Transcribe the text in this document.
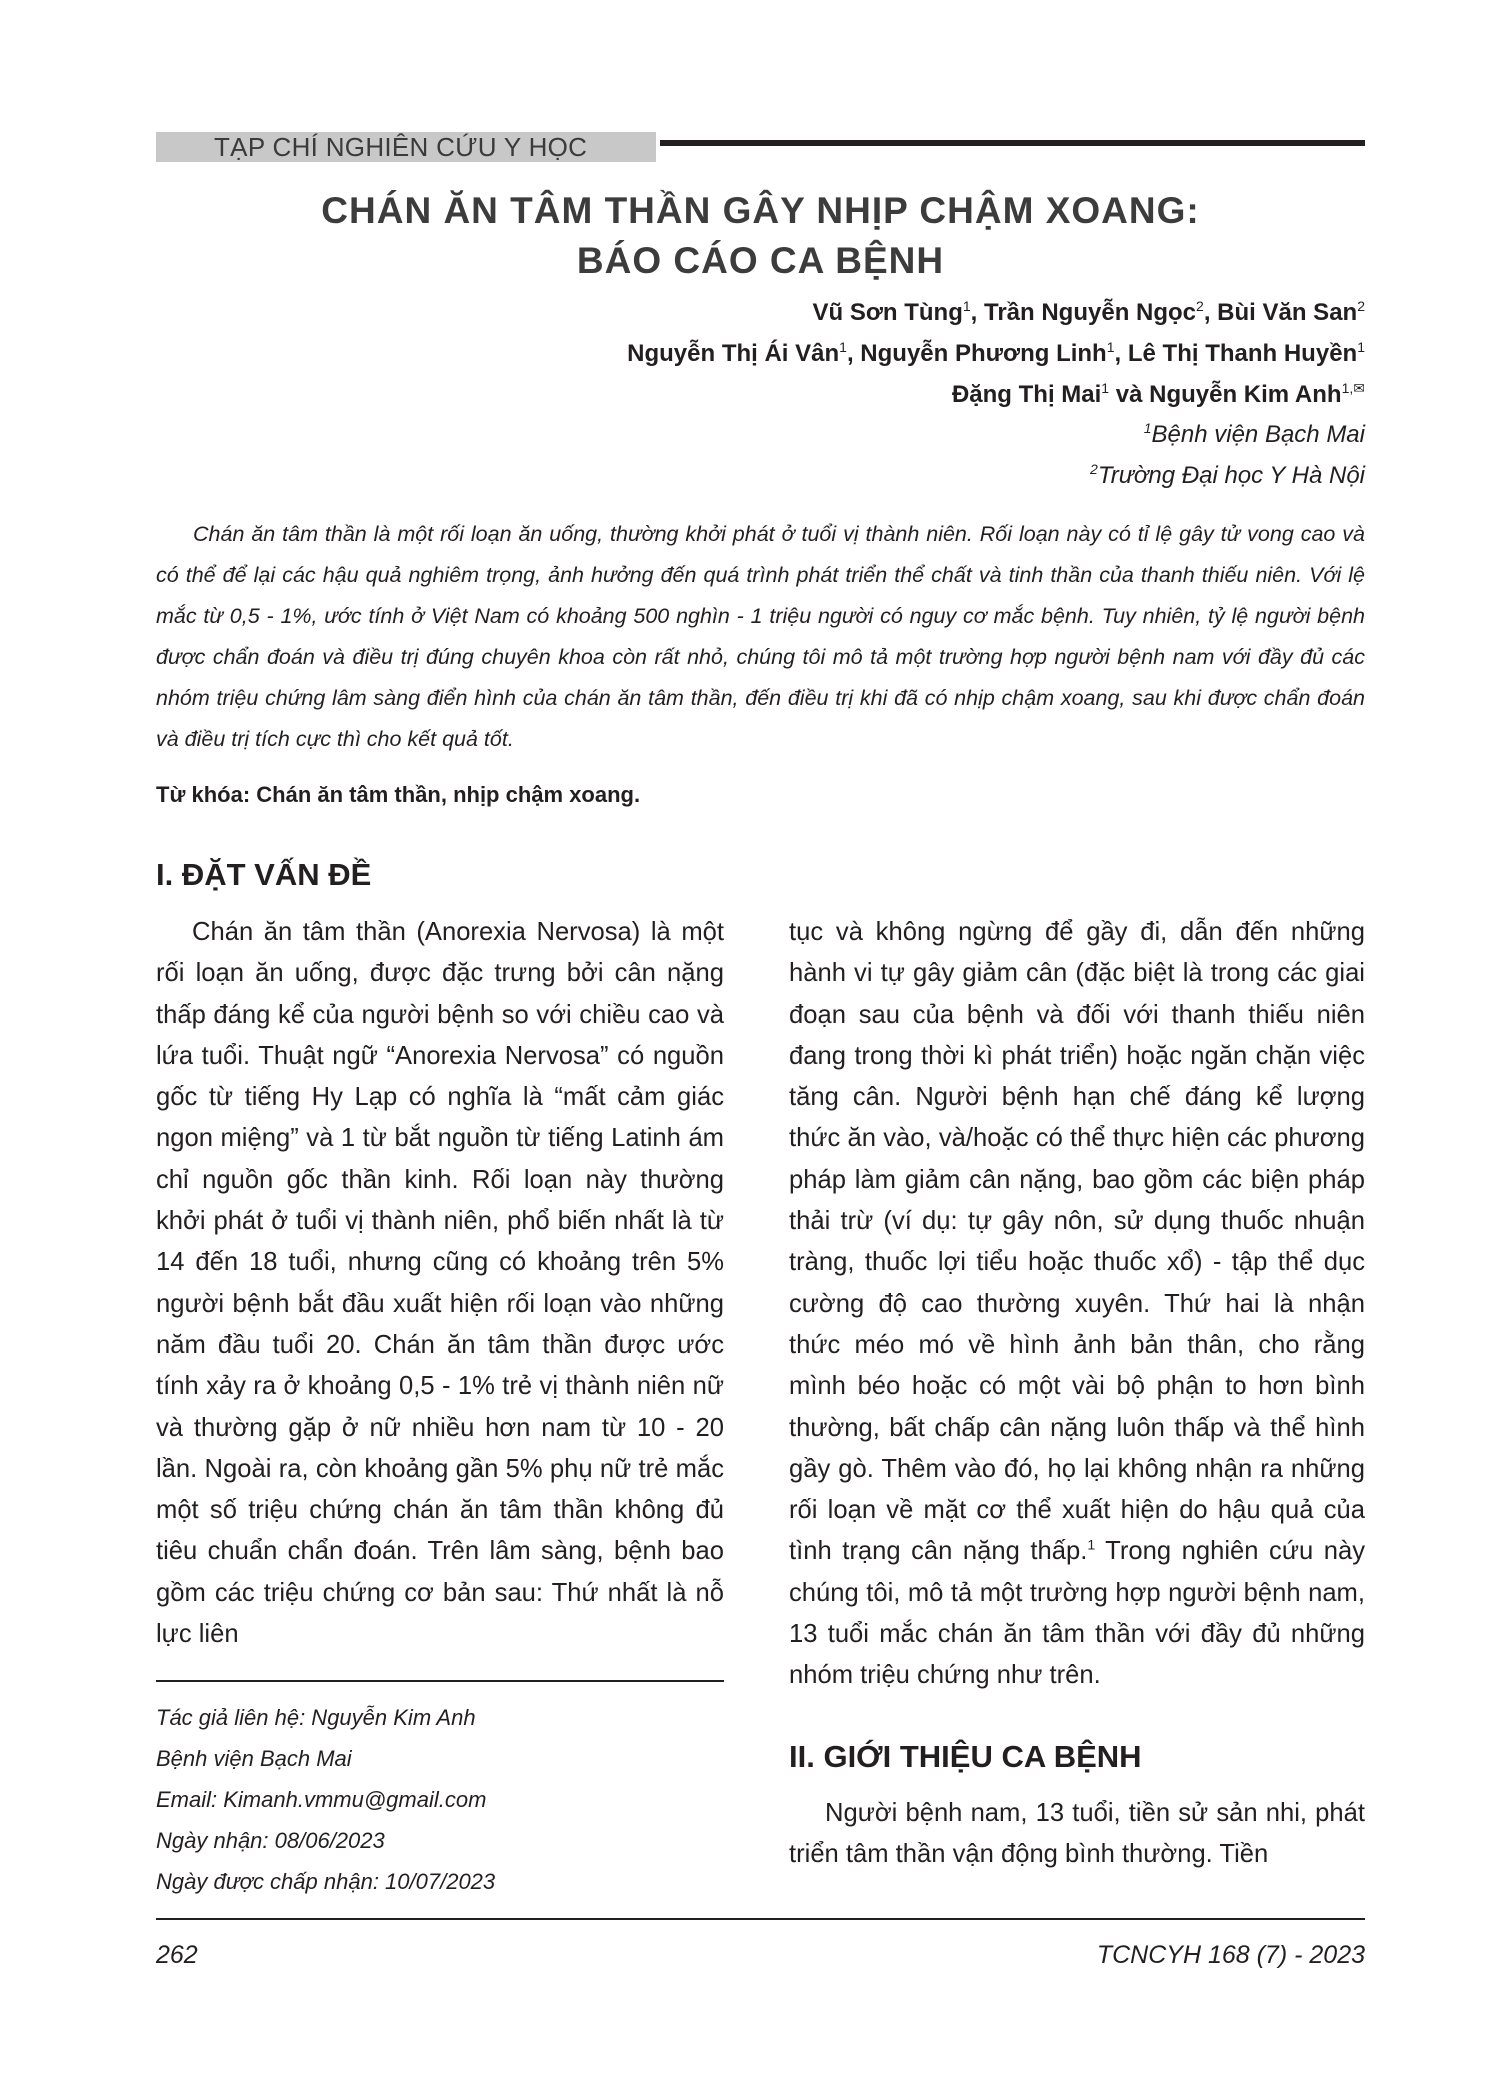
TẠP CHÍ NGHIÊN CỨU Y HỌC
CHÁN ĂN TÂM THẦN GÂY NHỊP CHẬM XOANG:
BÁO CÁO CA BỆNH
Vũ Sơn Tùng$^1$, Trần Nguyễn Ngọc$^2$, Bùi Văn San$^2$
Nguyễn Thị Ái Vân$^1$, Nguyễn Phương Linh$^1$, Lê Thị Thanh Huyền$^1$
Đặng Thị Mai$^1$ và Nguyễn Kim Anh$^{1,✉}$
$^1$Bệnh viện Bạch Mai
$^2$Trường Đại học Y Hà Nội

Chán ăn tâm thần là một rối loạn ăn uống, thường khởi phát ở tuổi vị thành niên. Rối loạn này có tỉ lệ gây tử vong cao và có thể để lại các hậu quả nghiêm trọng, ảnh hưởng đến quá trình phát triển thể chất và tinh thần của thanh thiếu niên. Với lệ mắc từ 0,5 - 1%, ước tính ở Việt Nam có khoảng 500 nghìn - 1 triệu người có nguy cơ mắc bệnh. Tuy nhiên, tỷ lệ người bệnh được chẩn đoán và điều trị đúng chuyên khoa còn rất nhỏ, chúng tôi mô tả một trường hợp người bệnh nam với đầy đủ các nhóm triệu chứng lâm sàng điển hình của chán ăn tâm thần, đến điều trị khi đã có nhịp chậm xoang, sau khi được chẩn đoán và điều trị tích cực thì cho kết quả tốt.

Từ khóa: Chán ăn tâm thần, nhịp chậm xoang.
I. ĐẶT VẤN ĐỀ

Chán ăn tâm thần (Anorexia Nervosa) là một rối loạn ăn uống, được đặc trưng bởi cân nặng thấp đáng kể của người bệnh so với chiều cao và lứa tuổi. Thuật ngữ “Anorexia Nervosa” có nguồn gốc từ tiếng Hy Lạp có nghĩa là “mất cảm giác ngon miệng” và 1 từ bắt nguồn từ tiếng Latinh ám chỉ nguồn gốc thần kinh. Rối loạn này thường khởi phát ở tuổi vị thành niên, phổ biến nhất là từ 14 đến 18 tuổi, nhưng cũng có khoảng trên 5% người bệnh bắt đầu xuất hiện rối loạn vào những năm đầu tuổi 20. Chán ăn tâm thần được ước tính xảy ra ở khoảng 0,5 - 1% trẻ vị thành niên nữ và thường gặp ở nữ nhiều hơn nam từ 10 - 20 lần. Ngoài ra, còn khoảng gần 5% phụ nữ trẻ mắc một số triệu chứng chán ăn tâm thần không đủ tiêu chuẩn chẩn đoán. Trên lâm sàng, bệnh bao gồm các triệu chứng cơ bản sau: Thứ nhất là nỗ lực liên

tục và không ngừng để gầy đi, dẫn đến những hành vi tự gây giảm cân (đặc biệt là trong các giai đoạn sau của bệnh và đối với thanh thiếu niên đang trong thời kì phát triển) hoặc ngăn chặn việc tăng cân. Người bệnh hạn chế đáng kể lượng thức ăn vào, và/hoặc có thể thực hiện các phương pháp làm giảm cân nặng, bao gồm các biện pháp thải trừ (ví dụ: tự gây nôn, sử dụng thuốc nhuận tràng, thuốc lợi tiểu hoặc thuốc xổ) - tập thể dục cường độ cao thường xuyên. Thứ hai là nhận thức méo mó về hình ảnh bản thân, cho rằng mình béo hoặc có một vài bộ phận to hơn bình thường, bất chấp cân nặng luôn thấp và thể hình gầy gò. Thêm vào đó, họ lại không nhận ra những rối loạn về mặt cơ thể xuất hiện do hậu quả của tình trạng cân nặng thấp.$^1$ Trong nghiên cứu này chúng tôi, mô tả một trường hợp người bệnh nam, 13 tuổi mắc chán ăn tâm thần với đầy đủ những nhóm triệu chứng như trên.

II. GIỚI THIỆU CA BỆNH

Người bệnh nam, 13 tuổi, tiền sử sản nhi, phát triển tâm thần vận động bình thường. Tiền

Tác giả liên hệ: Nguyễn Kim Anh
Bệnh viện Bạch Mai
Email: Kimanh.vmmu@gmail.com
Ngày nhận: 08/06/2023
Ngày được chấp nhận: 10/07/2023
262	TCNCYH 168 (7) - 2023
